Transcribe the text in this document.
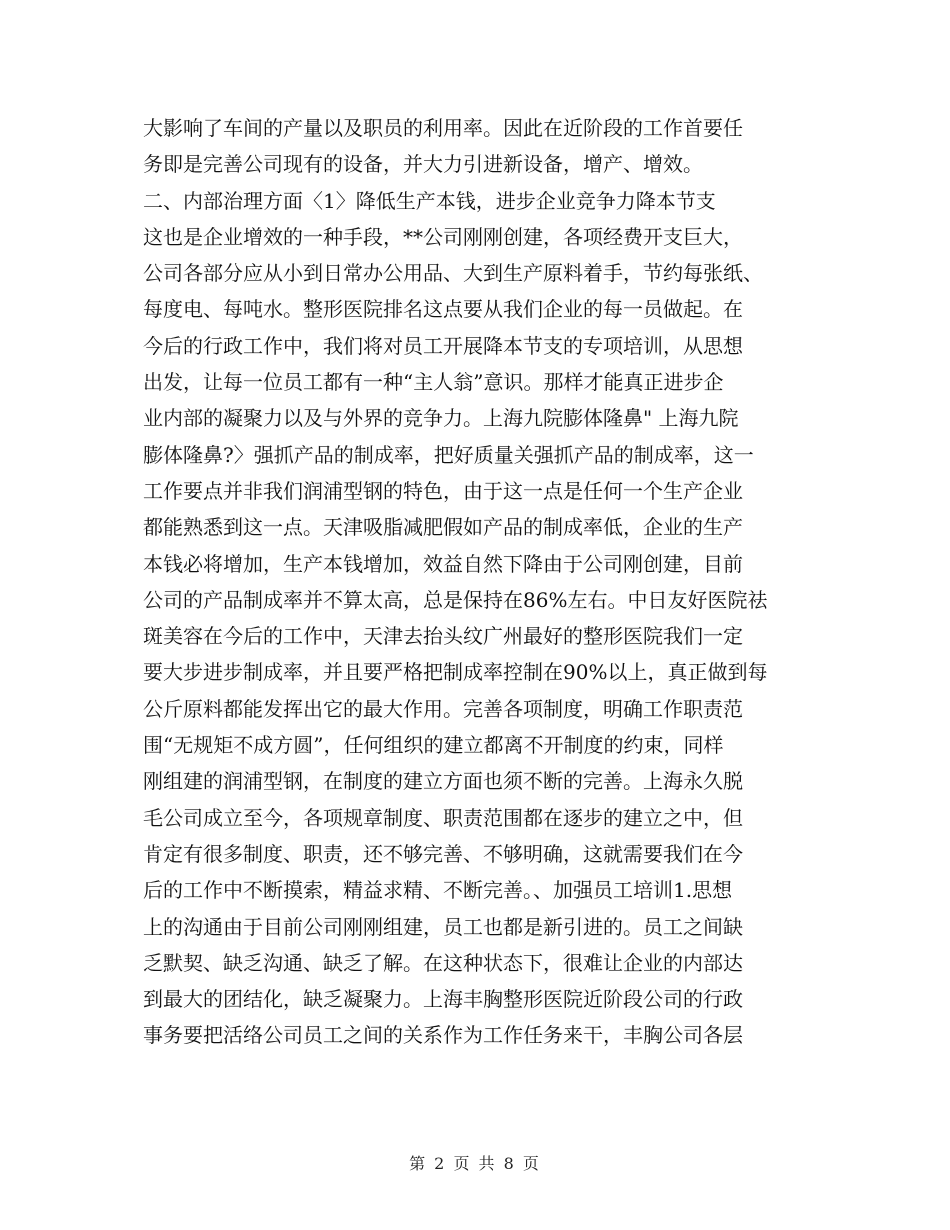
大影响了车间的产量以及职员的利用率。因此在近阶段的工作首要任
务即是完善公司现有的设备，并大力引进新设备，增产、增效。
二、内部治理方面〈1〉降低生产本钱，进步企业竞争力降本节支
这也是企业增效的一种手段，**公司刚刚创建，各项经费开支巨大，
公司各部分应从小到日常办公用品、大到生产原料着手，节约每张纸、
每度电、每吨水。整形医院排名这点要从我们企业的每一员做起。在
今后的行政工作中，我们将对员工开展降本节支的专项培训，从思想
出发，让每一位员工都有一种“主人翁”意识。那样才能真正进步企
业内部的凝聚力以及与外界的竞争力。上海九院膨体隆鼻" 上海九院
膨体隆鼻?〉强抓产品的制成率，把好质量关强抓产品的制成率，这一
工作要点并非我们润浦型钢的特色，由于这一点是任何一个生产企业
都能熟悉到这一点。天津吸脂减肥假如产品的制成率低，企业的生产
本钱必将增加，生产本钱增加，效益自然下降由于公司刚创建，目前
公司的产品制成率并不算太高，总是保持在86%左右。中日友好医院祛
斑美容在今后的工作中，天津去抬头纹广州最好的整形医院我们一定
要大步进步制成率，并且要严格把制成率控制在90%以上，真正做到每
公斤原料都能发挥出它的最大作用。完善各项制度，明确工作职责范
围“无规矩不成方圆”，任何组织的建立都离不开制度的约束，同样
刚组建的润浦型钢，在制度的建立方面也须不断的完善。上海永久脱
毛公司成立至今，各项规章制度、职责范围都在逐步的建立之中，但
肯定有很多制度、职责，还不够完善、不够明确，这就需要我们在今
后的工作中不断摸索，精益求精、不断完善。、加强员工培训1.思想
上的沟通由于目前公司刚刚组建，员工也都是新引进的。员工之间缺
乏默契、缺乏沟通、缺乏了解。在这种状态下，很难让企业的内部达
到最大的团结化，缺乏凝聚力。上海丰胸整形医院近阶段公司的行政
事务要把活络公司员工之间的关系作为工作任务来干，丰胸公司各层
第 2 页 共 8 页
